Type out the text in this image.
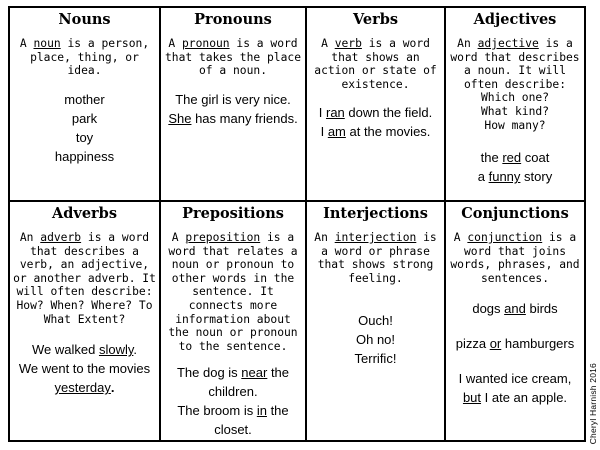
Nouns

A noun is a person, place, thing, or idea.

mother

park

toy

happiness

Pronouns

A pronoun is a word that takes the place of a noun.

The girl is very nice. She has many friends.

Verbs

A verb is a word that shows an action or state of existence.

I ran down the field.

I am at the movies.

Adjectives

An adjective is a word that describes a noun. It will often describe:

Which one?

What kind?

How many?

the red coat

a funny story

Adverbs

An adverb is a word that describes a verb, an adjective, or another adverb. It will often describe: How? When? Where? To What Extent?

We walked slowly.

We went to the movies yesterday.

Prepositions

A preposition is a word that relates a noun or pronoun to other words in the sentence. It connects more information about the noun or pronoun to the sentence.

The dog is near the children.

The broom is in the closet.

Interjections

An interjection is a word or phrase that shows strong feeling.

Ouch!

Oh no!

Terrific!

Conjunctions

A conjunction is a word that joins words, phrases, and sentences.

dogs and birds

pizza or hamburgers

I wanted ice cream, but I ate an apple.	Cheryl Harnish 2016
